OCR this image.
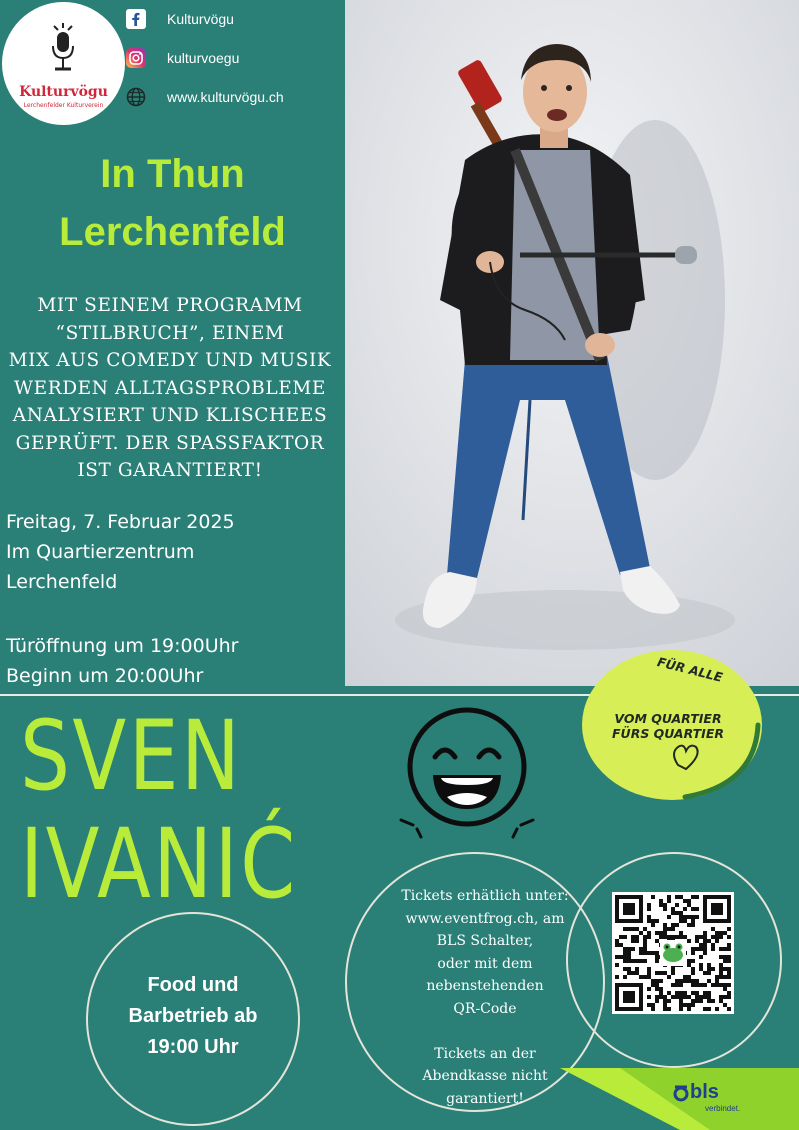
Kulturvögu
Lerchenfelder Kulturverein
Kulturvögu
kulturvoegu
www.kulturvögu.ch
In Thun
Lerchenfeld
MIT SEINEM PROGRAMM
“STILBRUCH”, EINEM
MIX AUS COMEDY UND MUSIK
WERDEN ALLTAGSPROBLEME
ANALYSIERT UND KLISCHEES
GEPRÜFT. DER SPASSFAKTOR
IST GARANTIERT!
Freitag, 7. Februar 2025
Im Quartierzentrum
Lerchenfeld
Türöffnung um 19:00Uhr
Beginn um 20:00Uhr
SVEN
IVANIĆ
FÜR ALLE
VOM QUARTIER
FÜRS QUARTIER
Food und
Barbetrieb ab
19:00 Uhr
Tickets erhätlich unter:
www.eventfrog.ch, am
BLS Schalter,
oder mit dem
nebenstehenden
QR-Code
Tickets an der
Abendkasse nicht
garantiert!	bls
verbindet.
